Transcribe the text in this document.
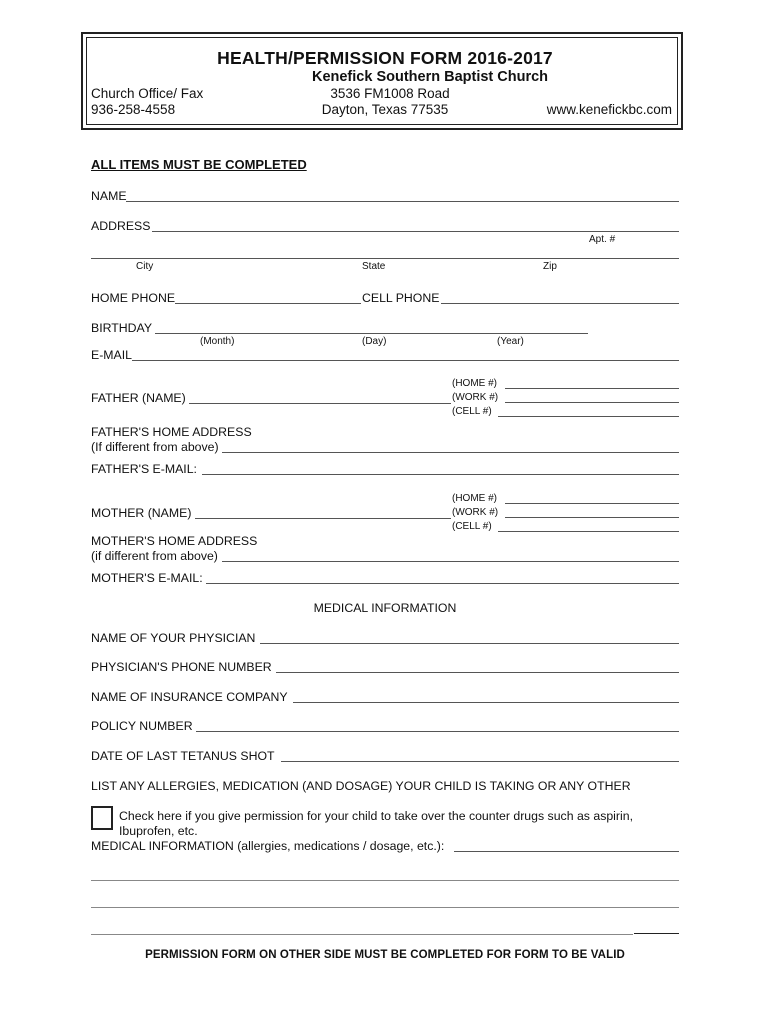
HEALTH/PERMISSION FORM 2016-2017
Kenefick Southern Baptist Church
Church Office/ Fax
936-258-4558
3536 FM1008 Road
Dayton, Texas 77535	www.kenefickbc.com
ALL ITEMS MUST BE COMPLETED
NAME
ADDRESS
Apt. #
City	State	Zip
HOME PHONE	CELL PHONE
BIRTHDAY
(Month)	(Day)	(Year)
E-MAIL
(HOME #)
FATHER (NAME)	(WORK #)
(CELL #)
FATHER'S HOME ADDRESS
(If different from above)
FATHER'S E-MAIL:
(HOME #)
MOTHER (NAME)	(WORK #)
(CELL #)
MOTHER'S HOME ADDRESS
(if different from above)
MOTHER'S E-MAIL:
MEDICAL INFORMATION
NAME OF YOUR PHYSICIAN
PHYSICIAN'S PHONE NUMBER
NAME OF INSURANCE COMPANY
POLICY NUMBER
DATE OF LAST TETANUS SHOT
LIST ANY ALLERGIES, MEDICATION (AND DOSAGE) YOUR CHILD IS TAKING OR ANY OTHER
Check here if you give permission for your child to take over the counter drugs such as aspirin,
Ibuprofen, etc.
MEDICAL INFORMATION (allergies, medications / dosage, etc.):
PERMISSION FORM ON OTHER SIDE MUST BE COMPLETED FOR FORM TO BE VALID
